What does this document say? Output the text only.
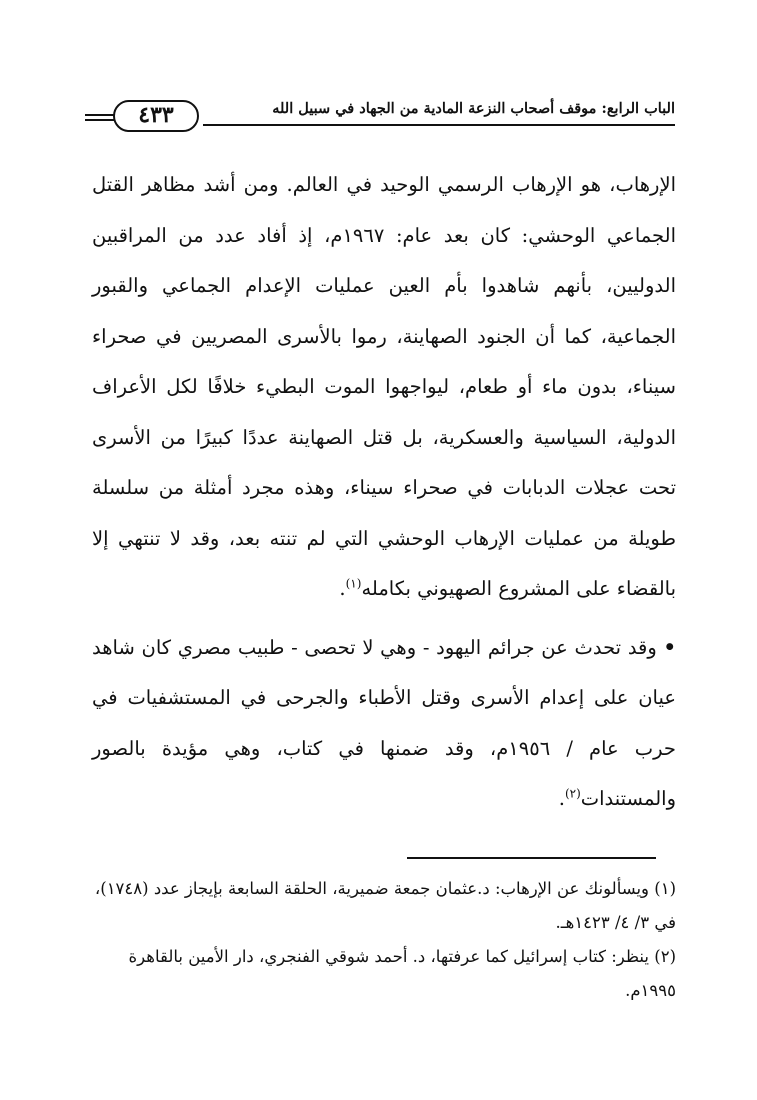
٤٣٣	الباب الرابع: موقف أصحاب النزعة المادية من الجهاد في سبيل الله

الإرهاب، هو الإرهاب الرسمي الوحيد في العالم. ومن أشد مظاهر القتل الجماعي الوحشي: كان بعد عام: ١٩٦٧م، إذ أفاد عدد من المراقبين الدوليين، بأنهم شاهدوا بأم العين عمليات الإعدام الجماعي والقبور الجماعية، كما أن الجنود الصهاينة، رموا بالأسرى المصريين في صحراء سيناء، بدون ماء أو طعام، ليواجهوا الموت البطيء خلافًا لكل الأعراف الدولية، السياسية والعسكرية، بل قتل الصهاينة عددًا كبيرًا من الأسرى تحت عجلات الدبابات في صحراء سيناء، وهذه مجرد أمثلة من سلسلة طويلة من عمليات الإرهاب الوحشي التي لم تنته بعد، وقد لا تنتهي إلا بالقضاء على المشروع الصهيوني بكامله$^{(١)}$.

• وقد تحدث عن جرائم اليهود - وهي لا تحصى - طبيب مصري كان شاهد عيان على إعدام الأسرى وقتل الأطباء والجرحى في المستشفيات في حرب عام / ١٩٥٦م، وقد ضمنها في كتاب، وهي مؤيدة بالصور والمستندات$^{(٢)}$.

(١) ويسألونك عن الإرهاب: د.عثمان جمعة ضميرية، الحلقة السابعة بإيجاز عدد (١٧٤٨)، في ٣/ ٤/ ١٤٢٣هـ.

(٢) ينظر: كتاب إسرائيل كما عرفتها، د. أحمد شوقي الفنجري، دار الأمين بالقاهرة ١٩٩٥م.
